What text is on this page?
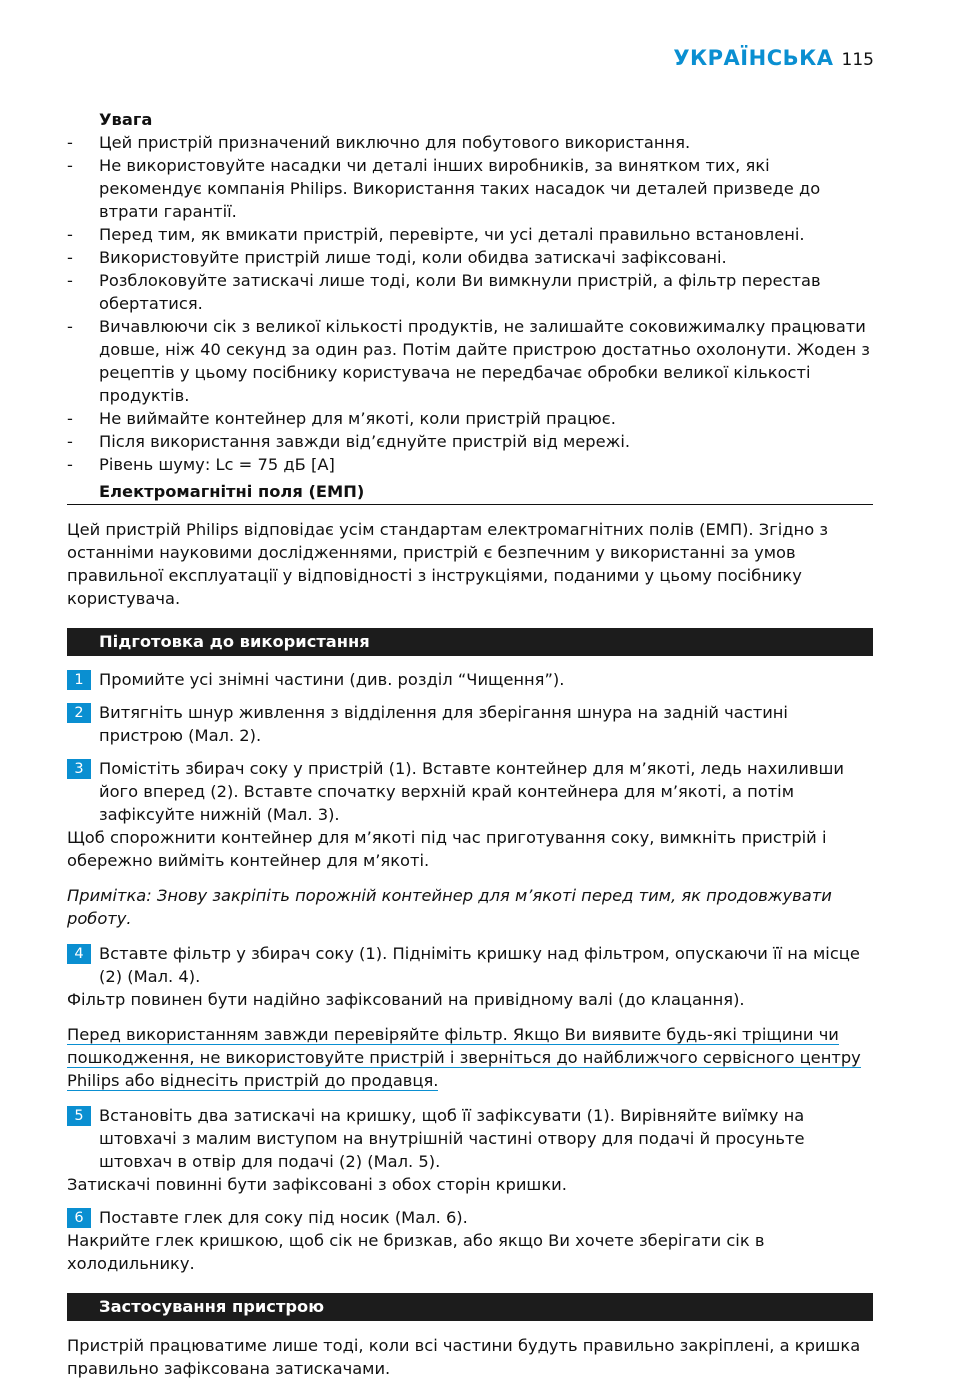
УКРАЇНСЬКА 115
Увага
- Цей пристрій призначений виключно для побутового використання.
- Не використовуйте насадки чи деталі інших виробників, за винятком тих, які рекомендує компанія Philips. Використання таких насадок чи деталей призведе до втрати гарантії.
- Перед тим, як вмикати пристрій, перевірте, чи усі деталі правильно встановлені.
- Використовуйте пристрій лише тоді, коли обидва затискачі зафіксовані.
- Розблоковуйте затискачі лише тоді, коли Ви вимкнули пристрій, а фільтр перестав обертатися.
- Вичавлюючи сік з великої кількості продуктів, не залишайте соковижималку працювати довше, ніж 40 секунд за один раз. Потім дайте пристрою достатньо охолонути. Жоден з рецептів у цьому посібнику користувача не передбачає обробки великої кількості продуктів.
- Не виймайте контейнер для м’якоті, коли пристрій працює.
- Після використання завжди від’єднуйте пристрій від мережі.
- Рівень шуму: Lc = 75 дБ [A]
Електромагнітні поля (ЕМП)

Цей пристрій Philips відповідає усім стандартам електромагнітних полів (ЕМП). Згідно з останніми науковими дослідженнями, пристрій є безпечним у використанні за умов правильної експлуатації у відповідності з інструкціями, поданими у цьому посібнику користувача.

Підготовка до використання
1 Промийте усі знімні частини (див. розділ “Чищення”).
2 Витягніть шнур живлення з відділення для зберігання шнура на задній частині пристрою (Мал. 2).
3 Помістіть збирач соку у пристрій (1). Вставте контейнер для м’якоті, ледь нахиливши його вперед (2). Вставте спочатку верхній край контейнера для м’якоті, а потім зафіксуйте нижній (Мал. 3).

Щоб спорожнити контейнер для м’якоті під час приготування соку, вимкніть пристрій і обережно вийміть контейнер для м’якоті.

Примітка: Знову закріпіть порожній контейнер для м’якоті перед тим, як продовжувати роботу.

4 Вставте фільтр у збирач соку (1). Підніміть кришку над фільтром, опускаючи її на місце (2) (Мал. 4).

Фільтр повинен бути надійно зафіксований на привідному валі (до клацання).

Перед використанням завжди перевіряйте фільтр. Якщо Ви виявите будь-які тріщини чи пошкодження, не використовуйте пристрій і зверніться до найближчого сервісного центру Philips або віднесіть пристрій до продавця.

5 Встановіть два затискачі на кришку, щоб її зафіксувати (1). Вирівняйте виїмку на штовхачі з малим виступом на внутрішній частині отвору для подачі й просуньте штовхач в отвір для подачі (2) (Мал. 5).

Затискачі повинні бути зафіксовані з обох сторін кришки.

6 Поставте глек для соку під носик (Мал. 6).

Накрийте глек кришкою, щоб сік не бризкав, або якщо Ви хочете зберігати сік в холодильнику.

Застосування пристрою

Пристрій працюватиме лише тоді, коли всі частини будуть правильно закріплені, а кришка правильно зафіксована затискачами.
